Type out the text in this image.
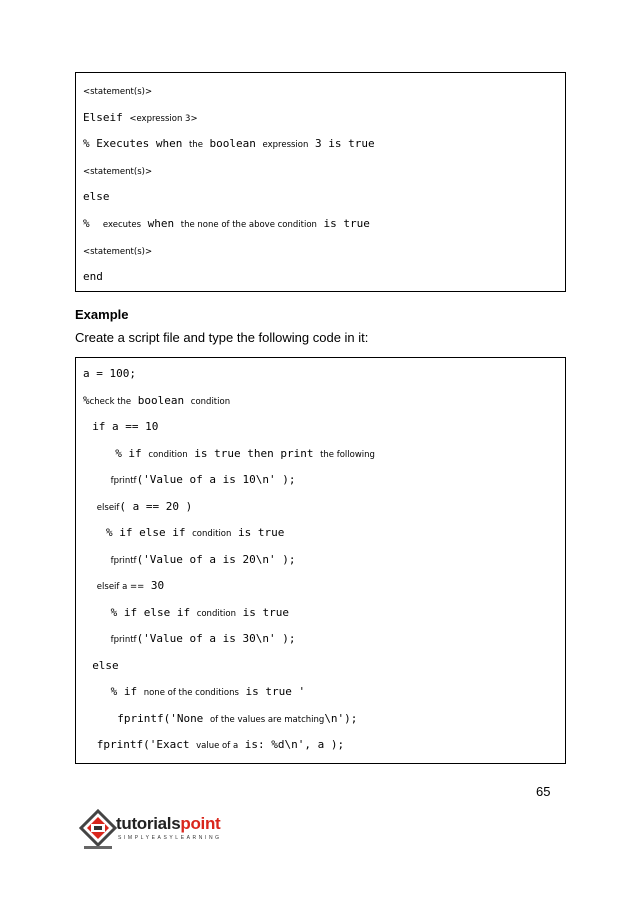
<statement(s)>
Elseif <expression 3>
% Executes when the boolean expression 3 is true
<statement(s)>
else
%  executes when the none of the above condition is true
<statement(s)>
end
Example
Create a script file and type the following code in it:
a = 100;
%check the boolean condition
if a == 10
% if condition is true then print the following
fprintf('Value of a is 10\n' );
elseif( a == 20 )
% if else if condition is true
fprintf('Value of a is 20\n' );
elseif a == 30
% if else if condition is true
fprintf('Value of a is 30\n' );
else
% if none of the conditions is true '
fprintf('None of the values are matching\n');
fprintf('Exact value of a is: %d\n', a );
65
tutorialspoint
SIMPLYEASYLEARNING
